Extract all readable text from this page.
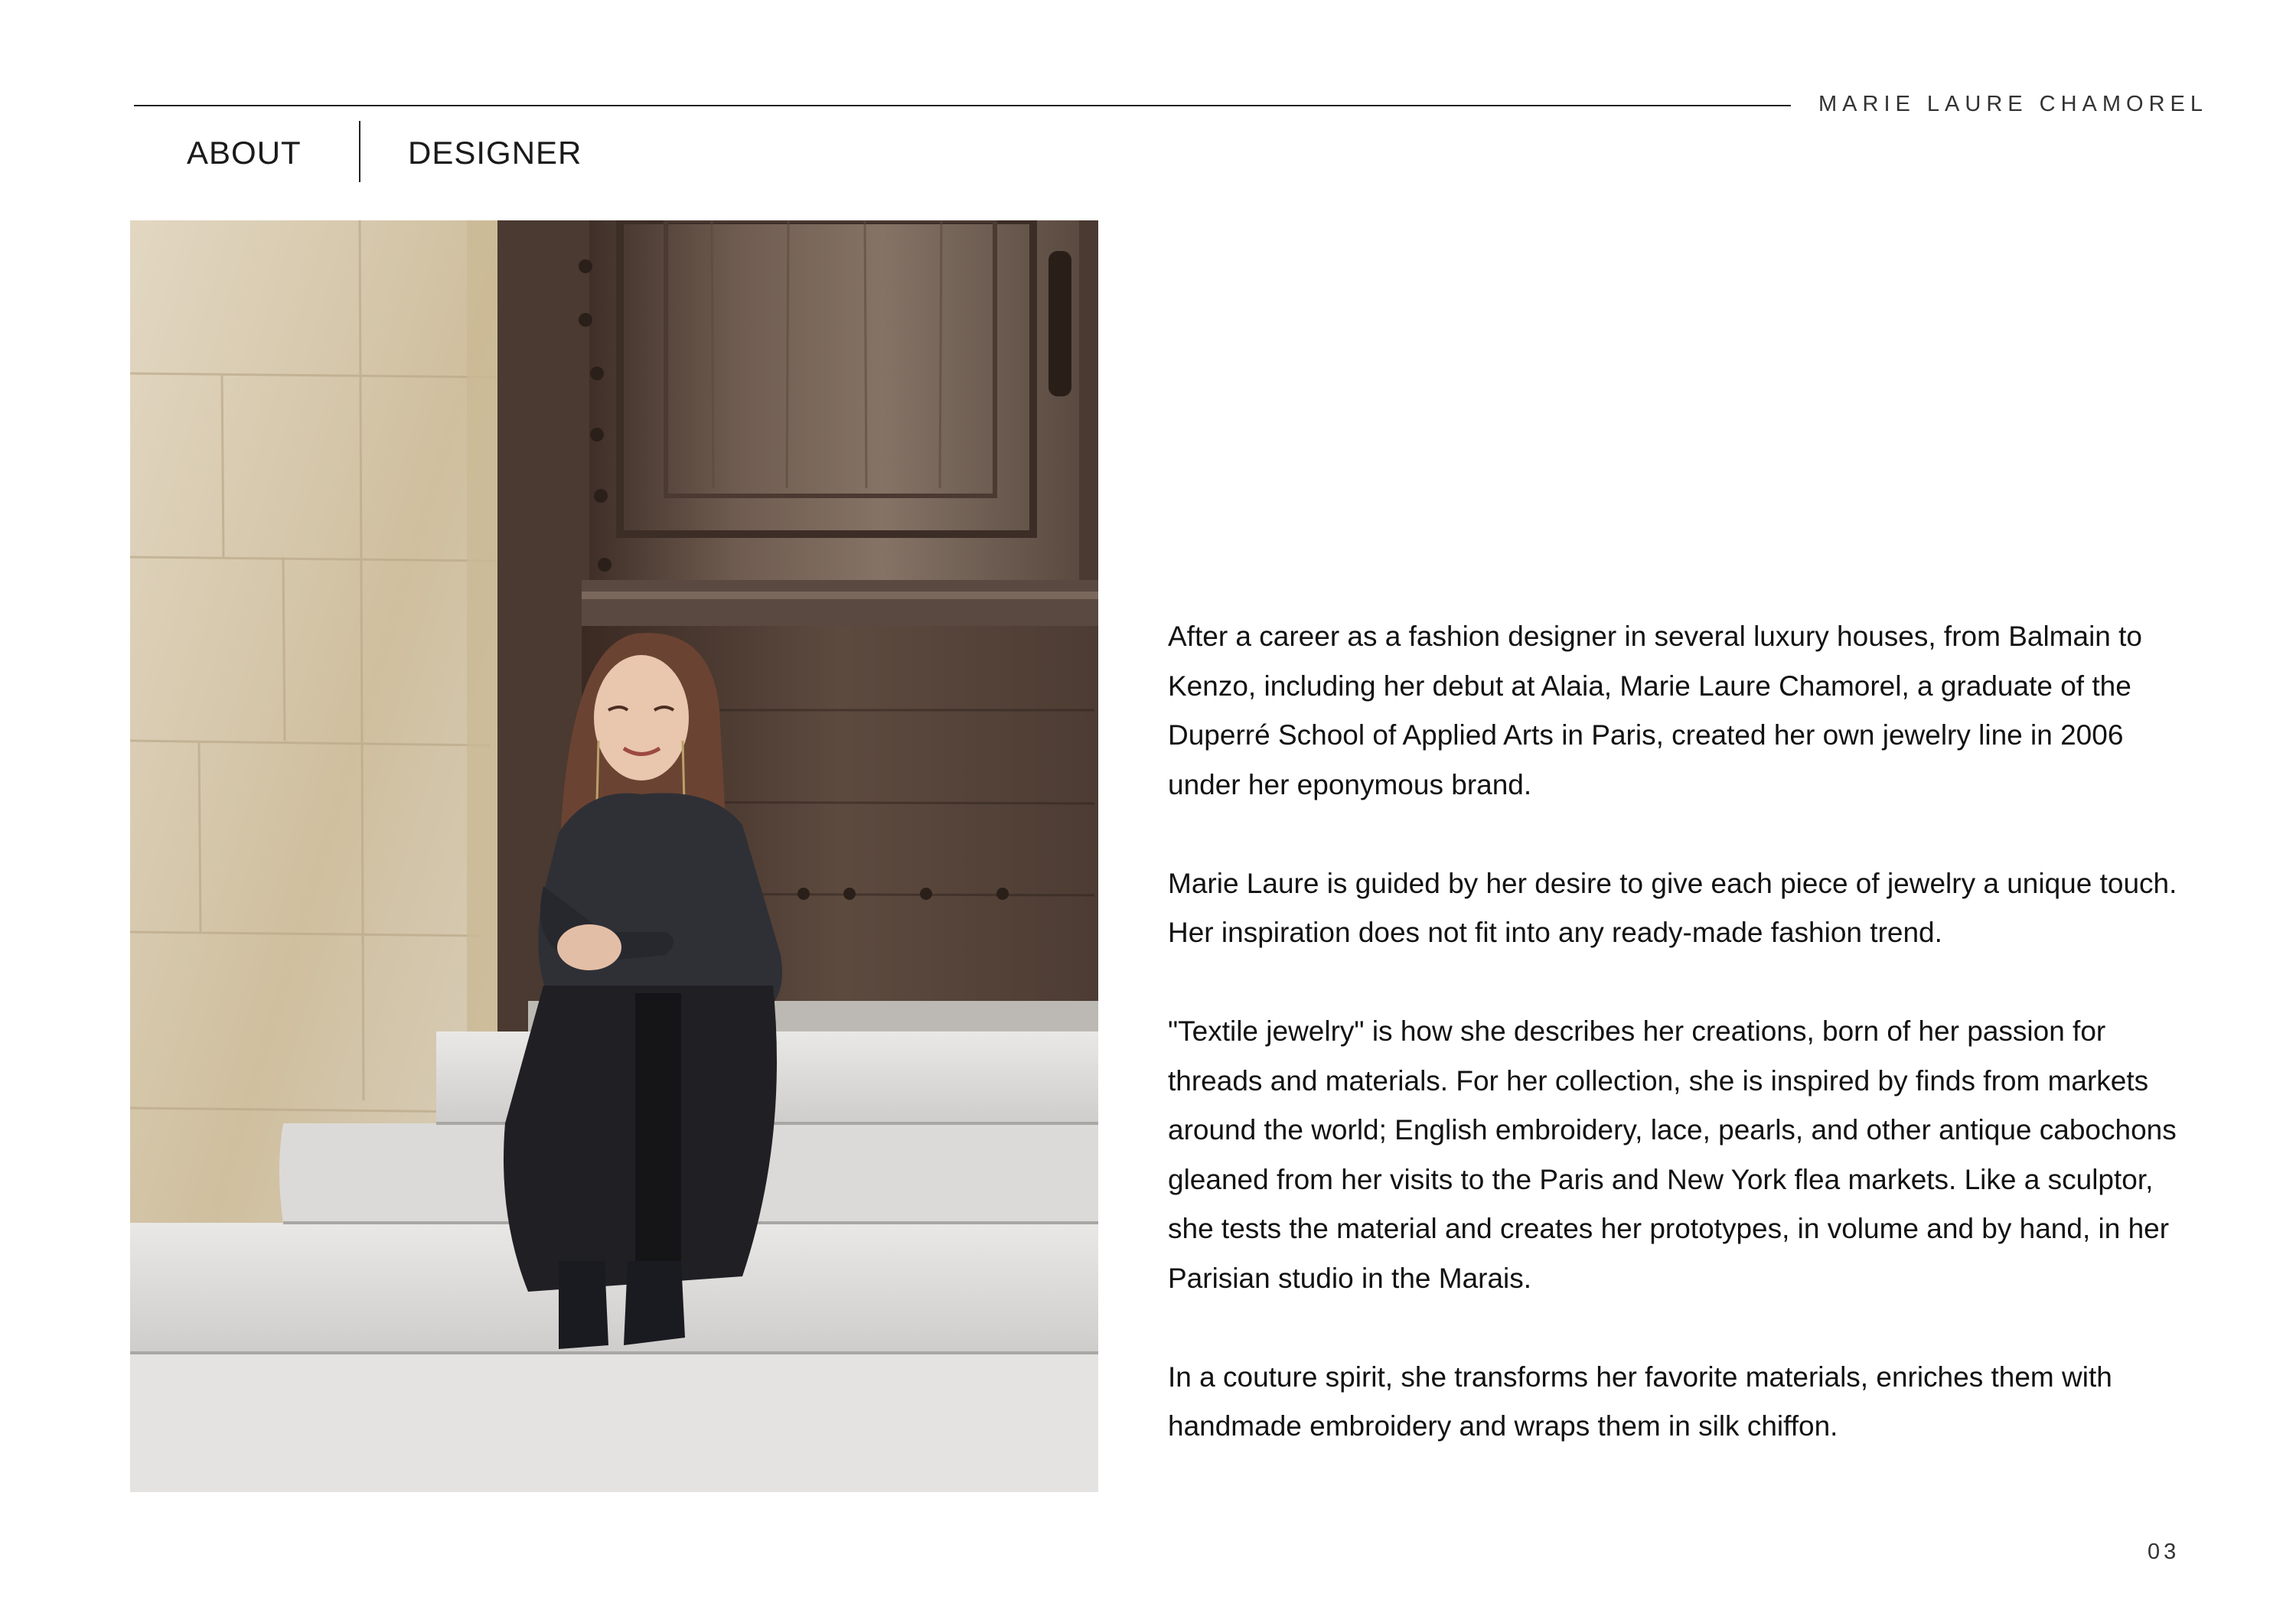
MARIE LAURE CHAMOREL
ABOUT	DESIGNER

After a career as a fashion designer in several luxury houses, from Balmain to Kenzo, including her debut at Alaia, Marie Laure Chamorel, a graduate of the Duperré School of Applied Arts in Paris, created her own jewelry line in 2006 under her eponymous brand.

Marie Laure is guided by her desire to give each piece of jewelry a unique touch. Her inspiration does not fit into any ready-made fashion trend.

"Textile jewelry" is how she describes her creations, born of her passion for threads and materials. For her collection, she is inspired by finds from markets around the world; English embroidery, lace, pearls, and other antique cabochons gleaned from her visits to the Paris and New York flea markets. Like a sculptor, she tests the material and creates her prototypes, in volume and by hand, in her Parisian studio in the Marais.

In a couture spirit, she transforms her favorite materials, enriches them with handmade embroidery and wraps them in silk chiffon.

03
